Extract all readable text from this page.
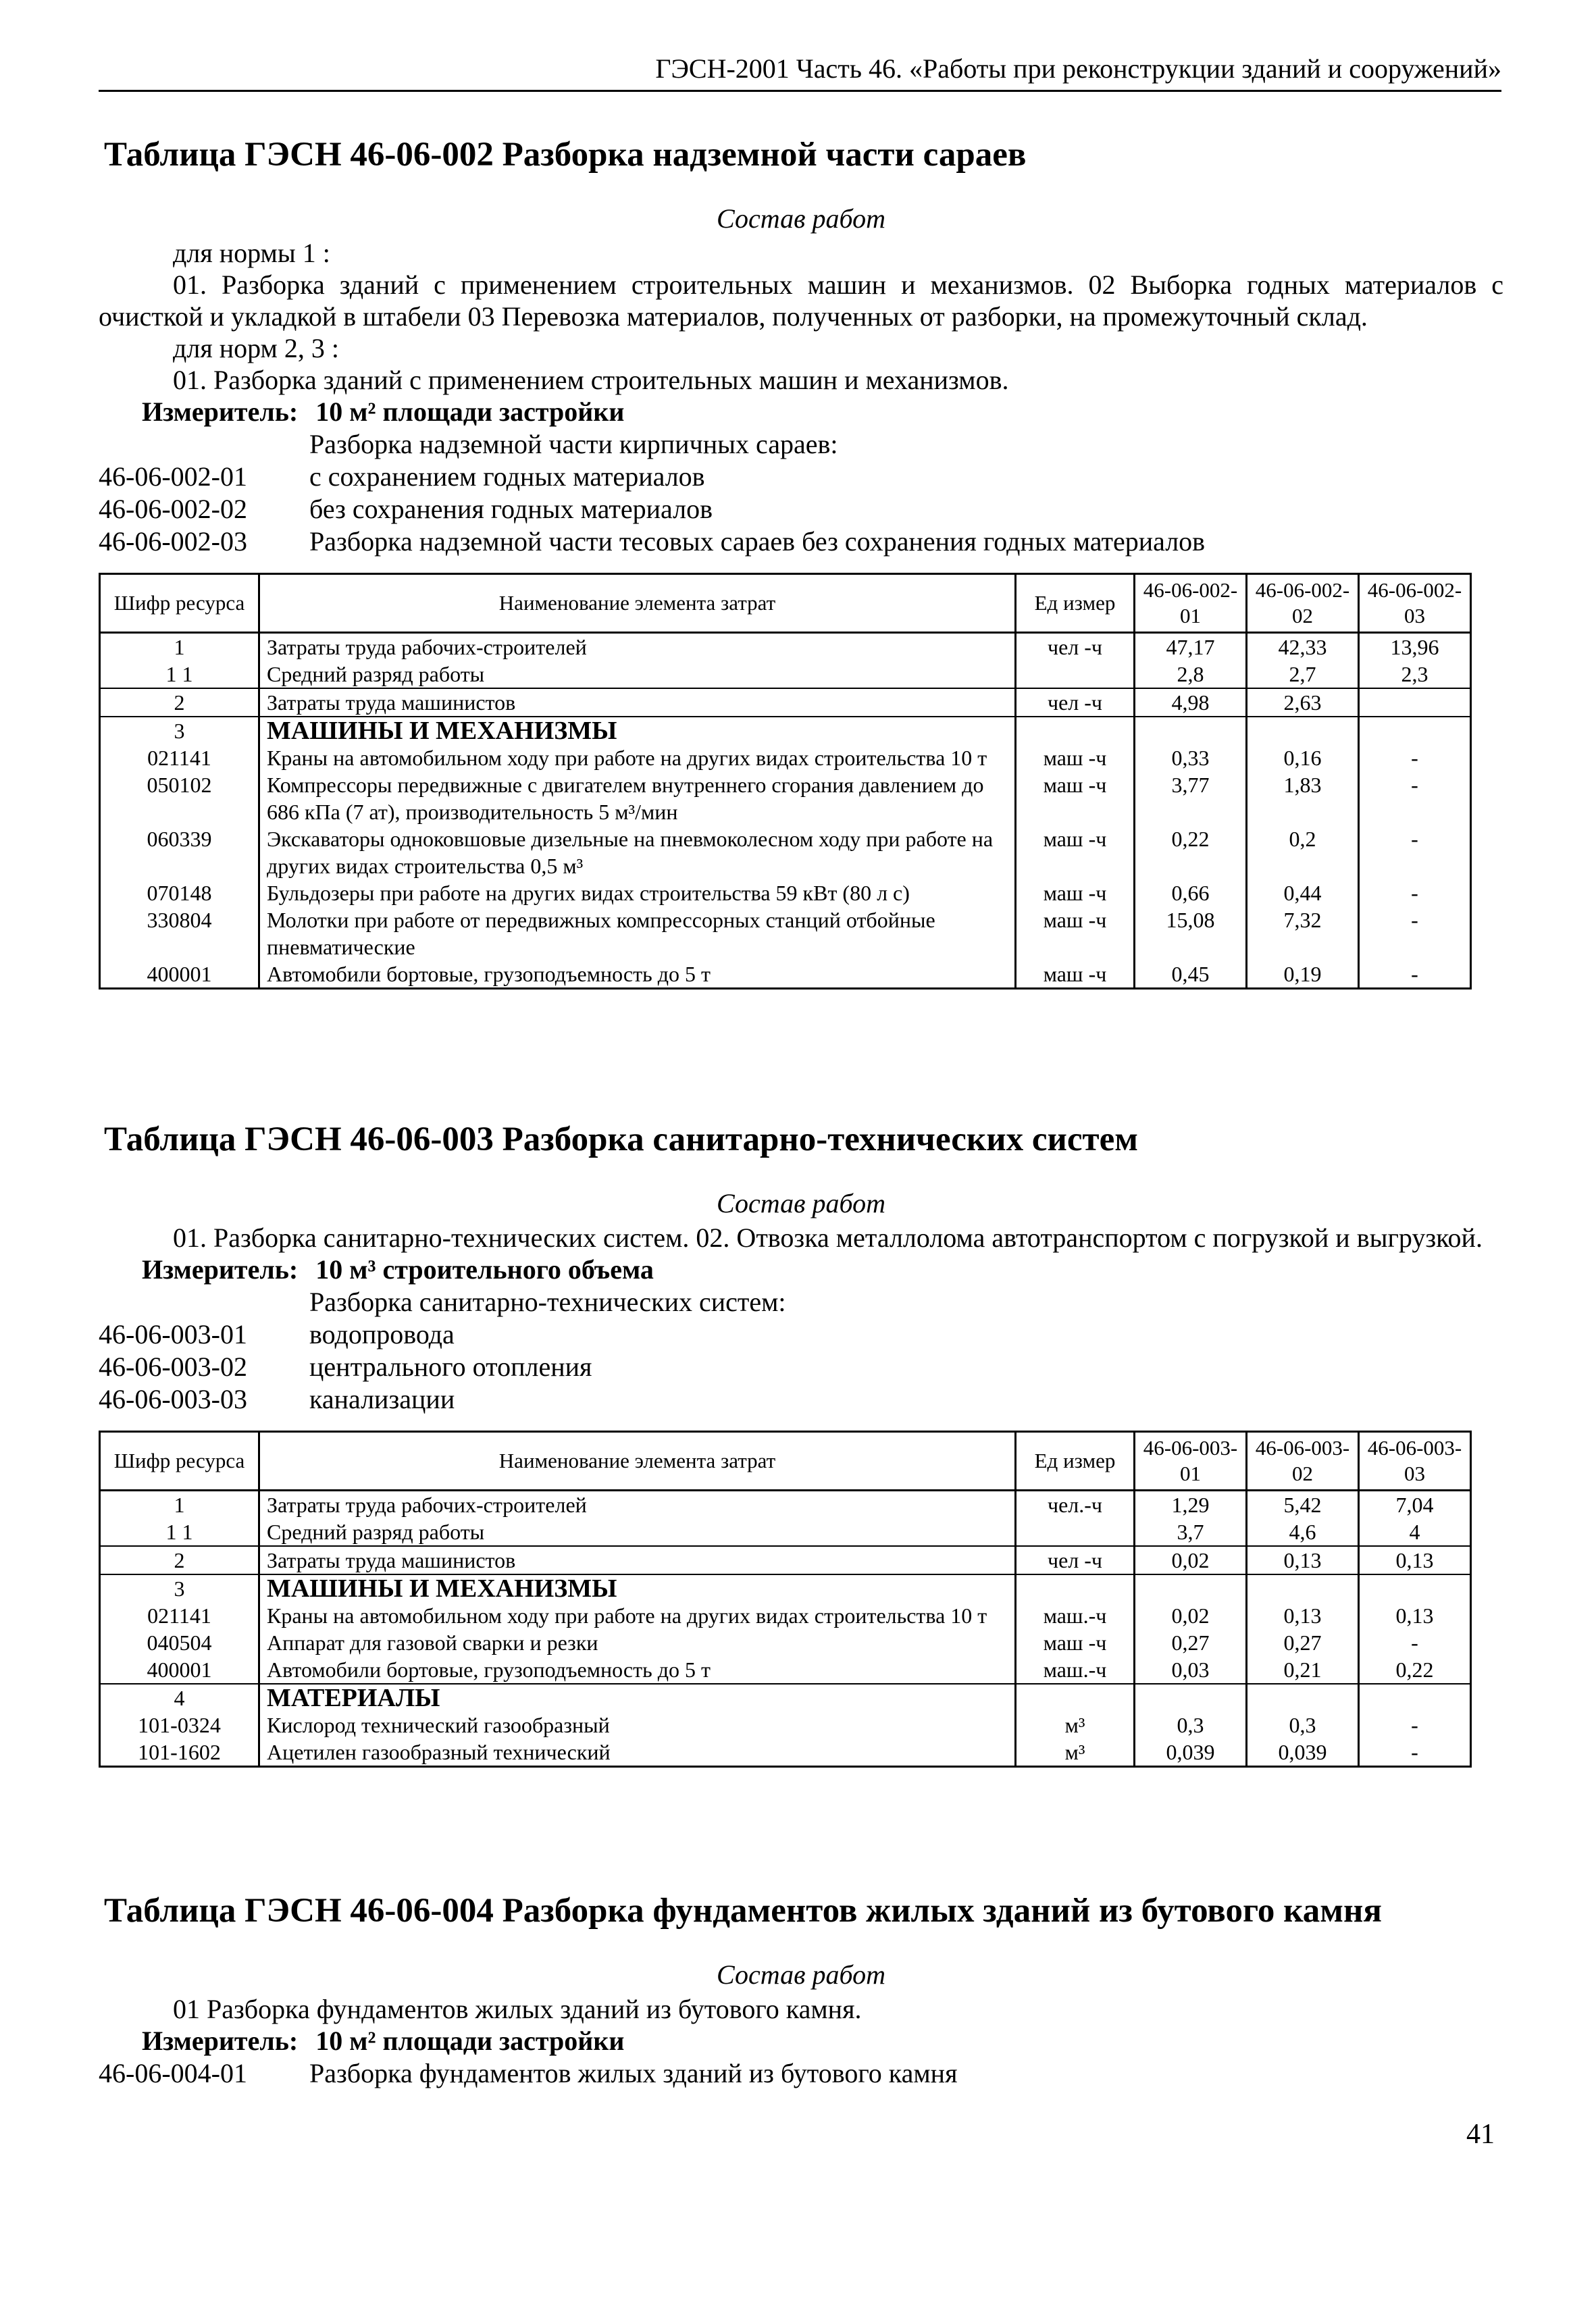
ГЭСН-2001 Часть 46. «Работы при реконструкции зданий и сооружений»
Таблица ГЭСН 46-06-002 Разборка надземной части сараев
Состав работ
для нормы 1 :
01. Разборка зданий с применением строительных машин и механизмов. 02 Выборка годных материалов с очисткой и укладкой в штабели 03 Перевозка материалов, полученных от разборки, на промежуточный склад.
для норм 2, 3 :
01. Разборка зданий с применением строительных машин и механизмов.
Измеритель: 10 м² площади застройки
Разборка надземной части кирпичных сараев:
46-06-002-01	с сохранением годных материалов
46-06-002-02	без сохранения годных материалов
46-06-002-03	Разборка надземной части тесовых сараев без сохранения годных материалов
Шифр ресурса	Наименование элемента затрат	Ед измер	46-06-002-01	46-06-002-02	46-06-002-03
1	Затраты труда рабочих-строителей	чел -ч	47,17	42,33	13,96
1 1	Средний разряд работы		2,8	2,7	2,3
2	Затраты труда машинистов	чел -ч	4,98	2,63	
3	МАШИНЫ И МЕХАНИЗМЫ				
021141	Краны на автомобильном ходу при работе на других видах строительства 10 т	маш -ч	0,33	0,16	-
050102	Компрессоры передвижные с двигателем внутреннего сгорания давлением до 686 кПа (7 ат), производительность 5 м³/мин	маш -ч	3,77	1,83	-
060339	Экскаваторы одноковшовые дизельные на пневмоколесном ходу при работе на других видах строительства 0,5 м³	маш -ч	0,22	0,2	-
070148	Бульдозеры при работе на других видах строительства 59 кВт (80 л с)	маш -ч	0,66	0,44	-
330804	Молотки при работе от передвижных компрессорных станций отбойные пневматические	маш -ч	15,08	7,32	-
400001	Автомобили бортовые, грузоподъемность до 5 т	маш -ч	0,45	0,19	-
Таблица ГЭСН 46-06-003 Разборка санитарно-технических систем
Состав работ
01. Разборка санитарно-технических систем. 02. Отвозка металлолома автотранспортом с погрузкой и выгрузкой.
Измеритель: 10 м³ строительного объема
Разборка санитарно-технических систем:
46-06-003-01	водопровода
46-06-003-02	центрального отопления
46-06-003-03	канализации
Шифр ресурса	Наименование элемента затрат	Ед измер	46-06-003-01	46-06-003-02	46-06-003-03
1	Затраты труда рабочих-строителей	чел.-ч	1,29	5,42	7,04
1 1	Средний разряд работы		3,7	4,6	4
2	Затраты труда машинистов	чел -ч	0,02	0,13	0,13
3	МАШИНЫ И МЕХАНИЗМЫ				
021141	Краны на автомобильном ходу при работе на других видах строительства 10 т	маш.-ч	0,02	0,13	0,13
040504	Аппарат для газовой сварки и резки	маш -ч	0,27	0,27	-
400001	Автомобили бортовые, грузоподъемность до 5 т	маш.-ч	0,03	0,21	0,22
4	МАТЕРИАЛЫ				
101-0324	Кислород технический газообразный	м³	0,3	0,3	-
101-1602	Ацетилен газообразный технический	м³	0,039	0,039	-
Таблица ГЭСН 46-06-004 Разборка фундаментов жилых зданий из бутового камня
Состав работ
01 Разборка фундаментов жилых зданий из бутового камня.
Измеритель: 10 м² площади застройки
46-06-004-01	Разборка фундаментов жилых зданий из бутового камня
41
